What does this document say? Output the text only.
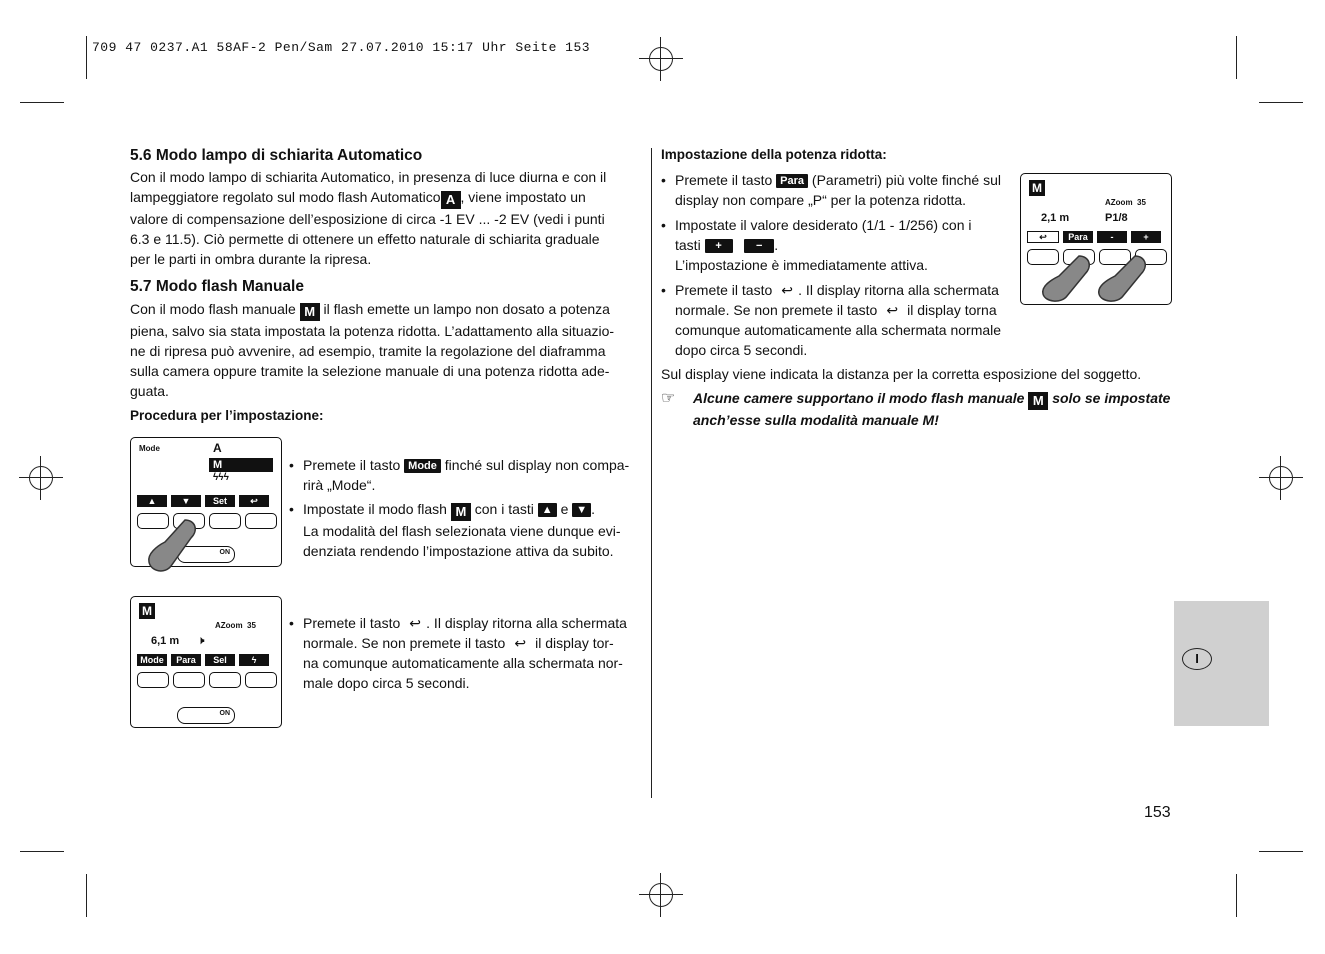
709 47 0237.A1 58AF-2 Pen/Sam 27.07.2010 15:17 Uhr Seite 153
5.6 Modo lampo di schiarita Automatico
Con il modo lampo di schiarita Automatico, in presenza di luce diurna e con il
lampeggiatore regolato sul modo flash Automatico A , viene impostato un
valore di compensazione dell’esposizione di circa -1 EV ... -2 EV (vedi i punti
6.3 e 11.5). Ciò permette di ottenere un effetto naturale di schiarita graduale
per le parti in ombra durante la ripresa.
5.7 Modo flash Manuale
Con il modo flash manuale M il flash emette un lampo non dosato a potenza
piena, salvo sia stata impostata la potenza ridotta. L’adattamento alla situazio-
ne di ripresa può avvenire, ad esempio, tramite la regolazione del diaframma
sulla camera oppure tramite la selezione manuale di una potenza ridotta ade-
guata.
Procedura per l’impostazione:
Mode	A
M
ϟϟϟ
▲	▼	Set	↩
ON
• Premete il tasto Mode finché sul display non compa-
rirà „Mode“.
• Impostate il modo flash M con i tasti ▲ e ▼ .
La modalità del flash selezionata viene dunque evi-
denziata rendendo l’impostazione attiva da subito.
M
AZoom  35
6,1 m 🕨
Mode	Para	Sel	ϟ
ON
• Premete il tasto ↩ . Il display ritorna alla schermata
normale. Se non premete il tasto ↩ il display tor-
na comunque automaticamente alla schermata nor-
male dopo circa 5 secondi.
Impostazione della potenza ridotta:
• Premete il tasto Para (Parametri) più volte finché sul
display non compare „P“ per la potenza ridotta.
• Impostate il valore desiderato (1/1 - 1/256) con i
tasti +	− .
L’impostazione è immediatamente attiva.
• Premete il tasto ↩ . Il display ritorna alla schermata
normale. Se non premete il tasto ↩ il display torna
comunque automaticamente alla schermata normale
dopo circa 5 secondi.
M
AZoom  35
2,1 m	P1/8
↩	Para	-	+
Sul display viene indicata la distanza per la corretta esposizione del soggetto.
☞ Alcune camere supportano il modo flash manuale M solo se impostate
anch’esse sulla modalità manuale M!
I
153
